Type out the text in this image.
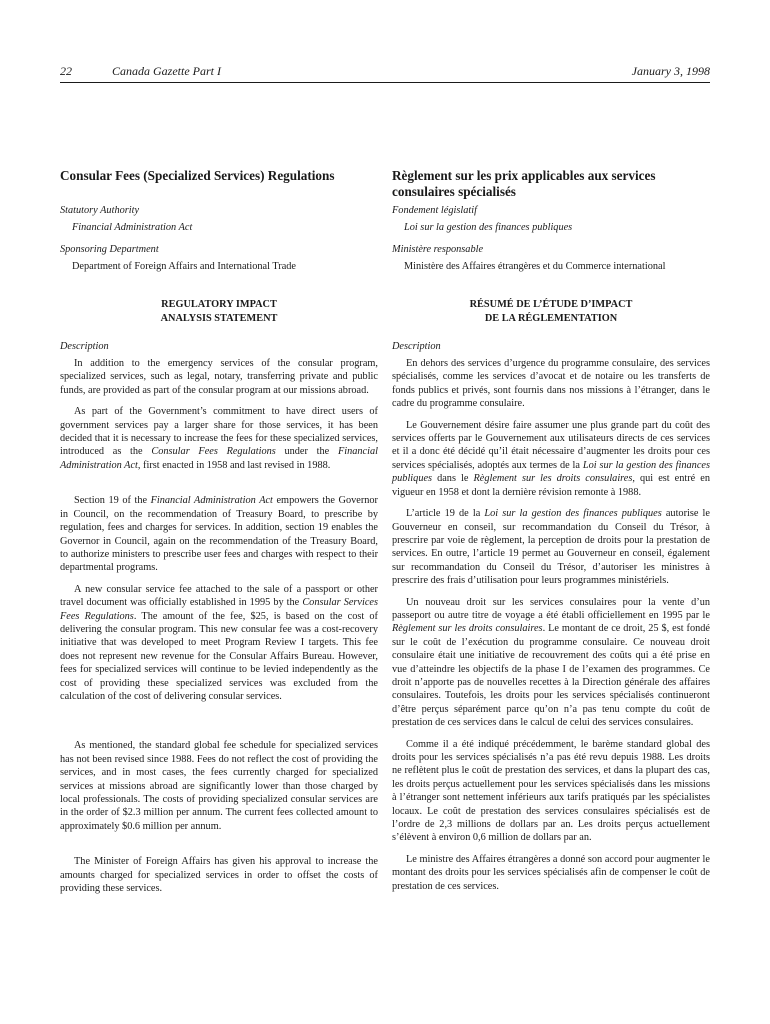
22	Canada Gazette Part I	January 3, 1998

Consular Fees (Specialized Services) Regulations

Statutory Authority

Financial Administration Act

Sponsoring Department

Department of Foreign Affairs and International Trade

REGULATORY IMPACT
ANALYSIS STATEMENT

Description

In addition to the emergency services of the consular program, specialized services, such as legal, notary, transferring private and public funds, are provided as part of the consular program at our missions abroad.

As part of the Government’s commitment to have direct users of government services pay a larger share for those services, it has been decided that it is necessary to increase the fees for these specialized services, introduced as the Consular Fees Regulations under the Financial Administration Act, first enacted in 1958 and last revised in 1988.

Section 19 of the Financial Administration Act empowers the Governor in Council, on the recommendation of Treasury Board, to prescribe by regulation, fees and charges for services. In addition, section 19 enables the Governor in Council, again on the recommendation of the Treasury Board, to authorize ministers to prescribe user fees and charges with respect to their departmental programs.

A new consular service fee attached to the sale of a passport or other travel document was officially established in 1995 by the Consular Services Fees Regulations. The amount of the fee, $25, is based on the cost of delivering the consular program. This new consular fee was a cost-recovery initiative that was developed to meet Program Review I targets. This fee does not represent new revenue for the Consular Affairs Bureau. However, fees for specialized services will continue to be levied independently as the cost of providing these specialized services was excluded from the calculation of the cost of delivering consular services.

As mentioned, the standard global fee schedule for specialized services has not been revised since 1988. Fees do not reflect the cost of providing the services, and in most cases, the fees currently charged for specialized services at missions abroad are significantly lower than those charged by local professionals. The costs of providing specialized consular services are in the order of $2.3 million per annum. The current fees collected amount to approximately $0.6 million per annum.

The Minister of Foreign Affairs has given his approval to increase the amounts charged for specialized services in order to offset the costs of providing these services.

Règlement sur les prix applicables aux services consulaires spécialisés

Fondement législatif

Loi sur la gestion des finances publiques

Ministère responsable

Ministère des Affaires étrangères et du Commerce international

RÉSUMÉ DE L’ÉTUDE D’IMPACT
DE LA RÉGLEMENTATION

Description

En dehors des services d’urgence du programme consulaire, des services spécialisés, comme les services d’avocat et de notaire ou les transferts de fonds publics et privés, sont fournis dans nos missions à l’étranger, dans le cadre du programme consulaire.

Le Gouvernement désire faire assumer une plus grande part du coût des services offerts par le Gouvernement aux utilisateurs directs de ces services et il a donc été décidé qu’il était nécessaire d’augmenter les droits pour ces services spécialisés, adoptés aux termes de la Loi sur la gestion des finances publiques dans le Règlement sur les droits consulaires, qui est entré en vigueur en 1958 et dont la dernière révision remonte à 1988.

L’article 19 de la Loi sur la gestion des finances publiques autorise le Gouverneur en conseil, sur recommandation du Conseil du Trésor, à prescrire par voie de règlement, la perception de droits pour la prestation de services. En outre, l’article 19 permet au Gouverneur en conseil, également sur recommandation du Conseil du Trésor, d’autoriser les ministres à prescrire des frais d’utilisation pour leurs programmes ministériels.

Un nouveau droit sur les services consulaires pour la vente d’un passeport ou autre titre de voyage a été établi officiellement en 1995 par le Règlement sur les droits consulaires. Le montant de ce droit, 25 $, est fondé sur le coût de l’exécution du programme consulaire. Ce nouveau droit consulaire était une initiative de recouvrement des coûts qui a été prise en vue d’atteindre les objectifs de la phase I de l’examen des programmes. Ce droit n’apporte pas de nouvelles recettes à la Direction générale des affaires consulaires. Toutefois, les droits pour les services spécialisés continueront d’être perçus séparément parce qu’on n’a pas tenu compte du coût de prestation de ces services dans le calcul de celui des services consulaires.

Comme il a été indiqué précédemment, le barème standard global des droits pour les services spécialisés n’a pas été revu depuis 1988. Les droits ne reflètent plus le coût de prestation des services, et dans la plupart des cas, les droits perçus actuellement pour les services spécialisés dans les missions à l’étranger sont nettement inférieurs aux tarifs pratiqués par les spécialistes locaux. Le coût de prestation des services consulaires spécialisés est de l’ordre de 2,3 millions de dollars par an. Les droits perçus actuellement s’élèvent à environ 0,6 million de dollars par an.

Le ministre des Affaires étrangères a donné son accord pour augmenter le montant des droits pour les services spécialisés afin de compenser le coût de prestation de ces services.
